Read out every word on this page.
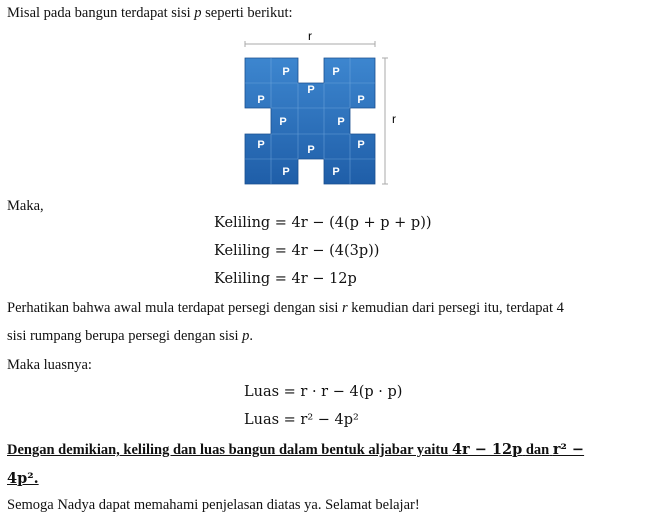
Misal pada bangun terdapat sisi p seperti berikut:
r
r
P	P
P
P	P
P	P
P	P
P
P	P
Maka,
Keliling = 4r − (4(p + p + p))
Keliling = 4r − (4(3p))
Keliling = 4r − 12p
Perhatikan bahwa awal mula terdapat persegi dengan sisi r kemudian dari persegi itu, terdapat 4
sisi rumpang berupa persegi dengan sisi p.
Maka luasnya:
Luas = r · r − 4(p · p)
Luas = r² − 4p²
Dengan demikian, keliling dan luas bangun dalam bentuk aljabar yaitu 4r − 12p dan r² −
4p².
Semoga Nadya dapat memahami penjelasan diatas ya. Selamat belajar!
